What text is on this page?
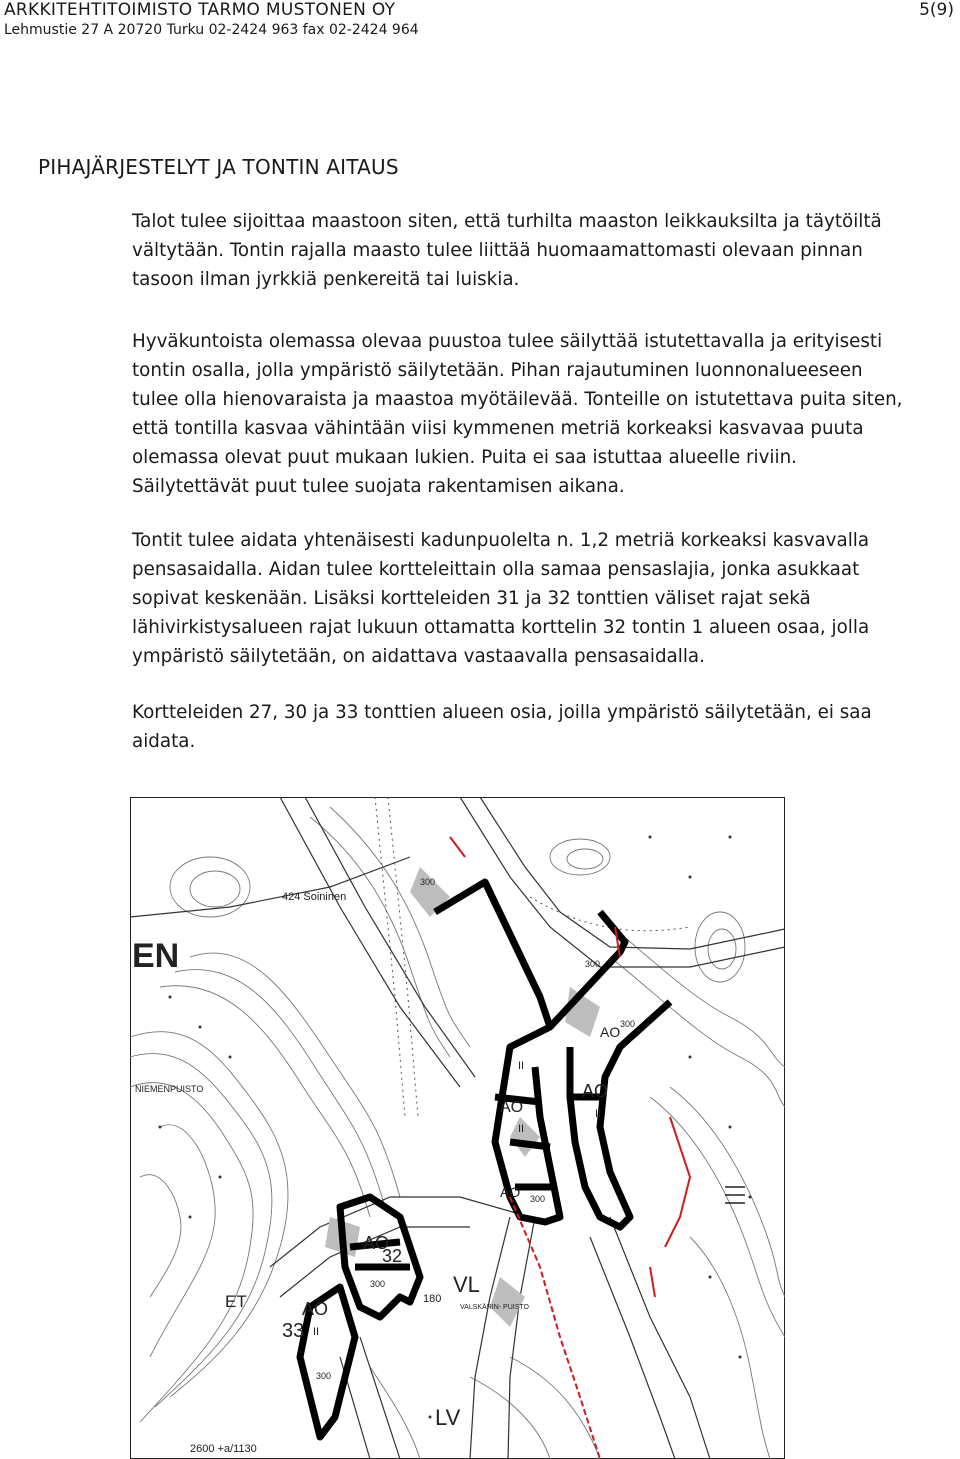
ARKKITEHTITOIMISTO TARMO MUSTONEN OY
Lehmustie 27 A 20720 Turku 02-2424 963 fax 02-2424 964
5(9)
PIHAJÄRJESTELYT JA TONTIN AITAUS

Talot tulee sijoittaa maastoon siten, että turhilta maaston leikkauksilta ja täytöiltä
vältytään. Tontin rajalla maasto tulee liittää huomaamattomasti olevaan pinnan
tasoon ilman jyrkkiä penkereitä tai luiskia.

Hyväkuntoista olemassa olevaa puustoa tulee säilyttää istutettavalla ja erityisesti
tontin osalla, jolla ympäristö säilytetään. Pihan rajautuminen luonnonalueeseen
tulee olla hienovaraista ja maastoa myötäilevää. Tonteille on istutettava puita siten,
että tontilla kasvaa vähintään viisi kymmenen metriä korkeaksi kasvavaa puuta
olemassa olevat puut mukaan lukien. Puita ei saa istuttaa alueelle riviin.
Säilytettävät puut tulee suojata rakentamisen aikana.

Tontit tulee aidata yhtenäisesti kadunpuolelta n. 1,2 metriä korkeaksi kasvavalla
pensasaidalla. Aidan tulee kortteleittain olla samaa pensaslajia, jonka asukkaat
sopivat keskenään. Lisäksi kortteleiden 31 ja 32 tonttien väliset rajat sekä
lähivirkistysalueen rajat lukuun ottamatta korttelin 32 tontin 1 alueen osaa, jolla
ympäristö säilytetään, on aidattava vastaavalla pensasaidalla.

Kortteleiden 27, 30 ja 33 tonttien alueen osia, joilla ympäristö säilytetään, ei saa
aidata.

424 Soininen
NIEMENPUISTO
EN
AO
AO
AO
AO
AO
AO
II
II
II
II
32
33
300
300
300
300
300
300
180
VL
VALSKÄRIN- PUISTO
LV
ET
2600 +a/1130
